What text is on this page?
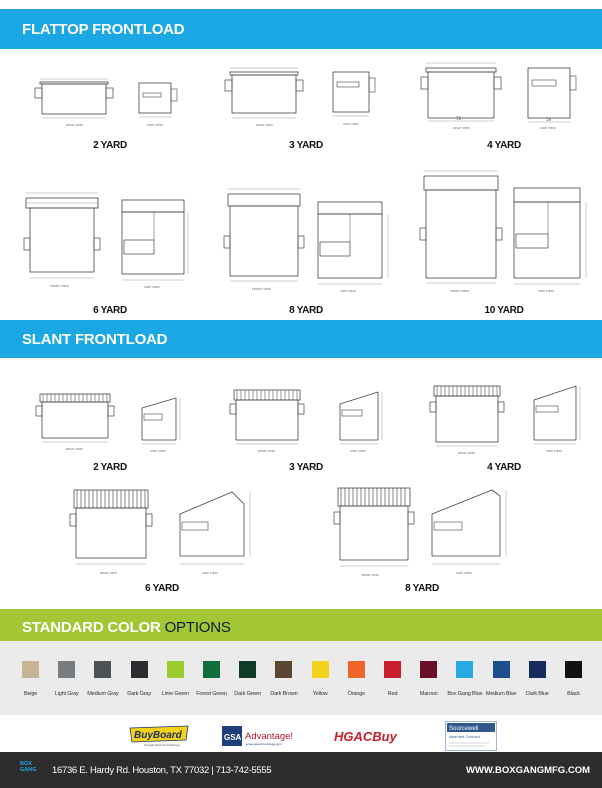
FLATTOP FRONTLOAD
SLANT FRONTLOAD
STANDARD COLOR OPTIONS
REAR VIEW	SIDE VIEW
2 YARD
REAR VIEW	SIDE VIEW
3 YARD
72
REAR VIEW
58
SIDE VIEW
4 YARD
FRONT VIEW	SIDE VIEW
6 YARD
FRONT VIEW	SIDE VIEW
8 YARD
FRONT VIEW	SIDE VIEW
10 YARD
REAR VIEW	SIDE VIEW
2 YARD
REAR VIEW	SIDE VIEW
3 YARD
REAR VIEW	SIDE VIEW
4 YARD
REAR VIEW	SIDE VIEW
6 YARD
REAR VIEW	SIDE VIEW
8 YARD
Beige	Light Gray	Medium Gray	Dark Gray	Lime Green	Forest Green	Dark Green	Dark Brown	Yellow	Orange	Red	Maroon	Box Gang Blue Medium Blue	Dark Blue	Black
BuyBoard
Cooperative Purchasing
GSA Advantage!
www.gsaadvantage.gov	HGACBuy	Sourcewell
Awarded Contract
BOX
GANG	16736 E. Hardy Rd. Houston, TX 77032 | 713-742-5555	WWW.BOXGANGMFG.COM
